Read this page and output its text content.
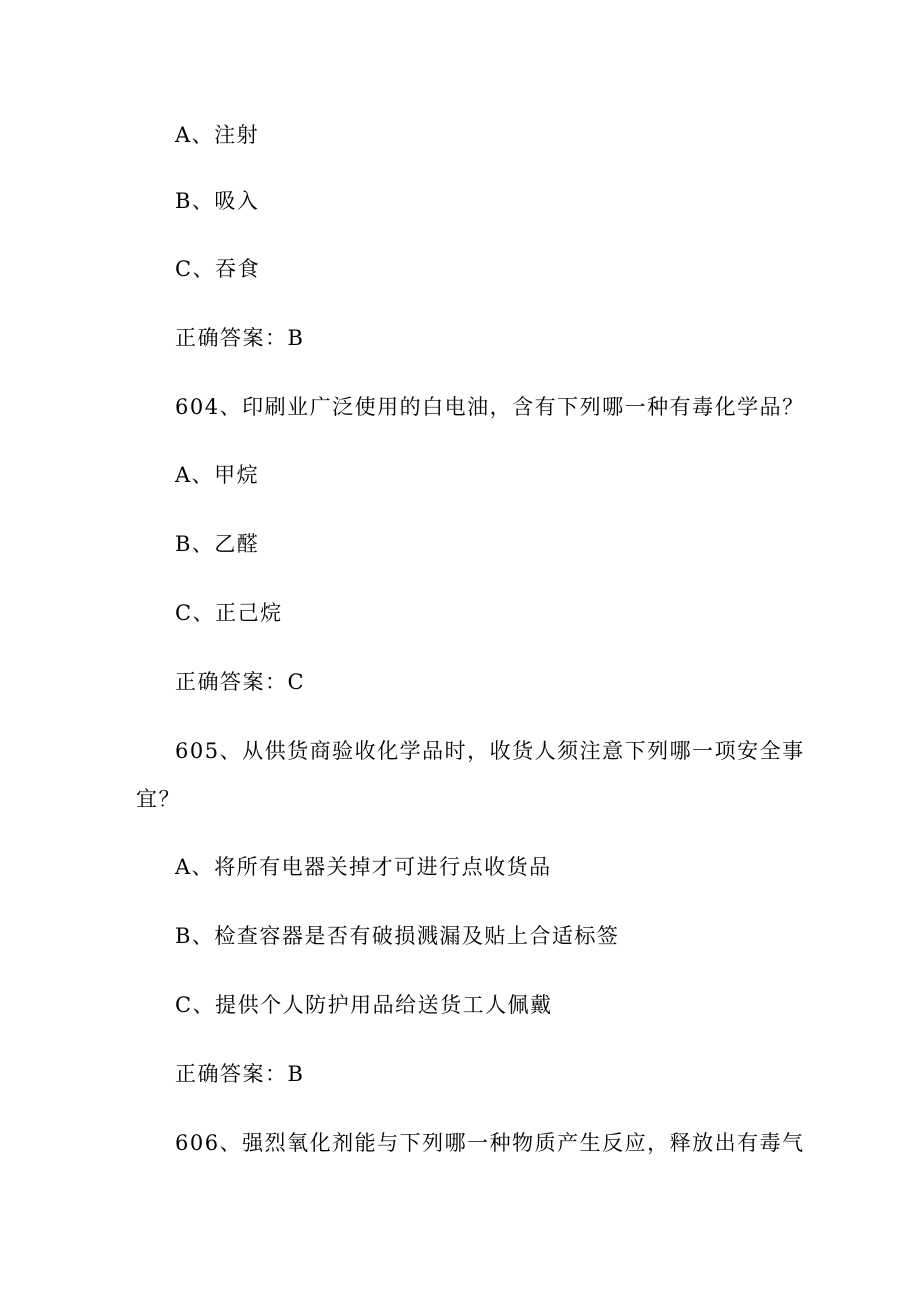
A、注射
B、吸入
C、吞食
正确答案：B
604、印刷业广泛使用的白电油，含有下列哪一种有毒化学品？
A、甲烷
B、乙醛
C、正己烷
正确答案：C
605、从供货商验收化学品时，收货人须注意下列哪一项安全事
宜？
A、将所有电器关掉才可进行点收货品
B、检查容器是否有破损溅漏及贴上合适标签
C、提供个人防护用品给送货工人佩戴
正确答案：B
606、强烈氧化剂能与下列哪一种物质产生反应，释放出有毒气
